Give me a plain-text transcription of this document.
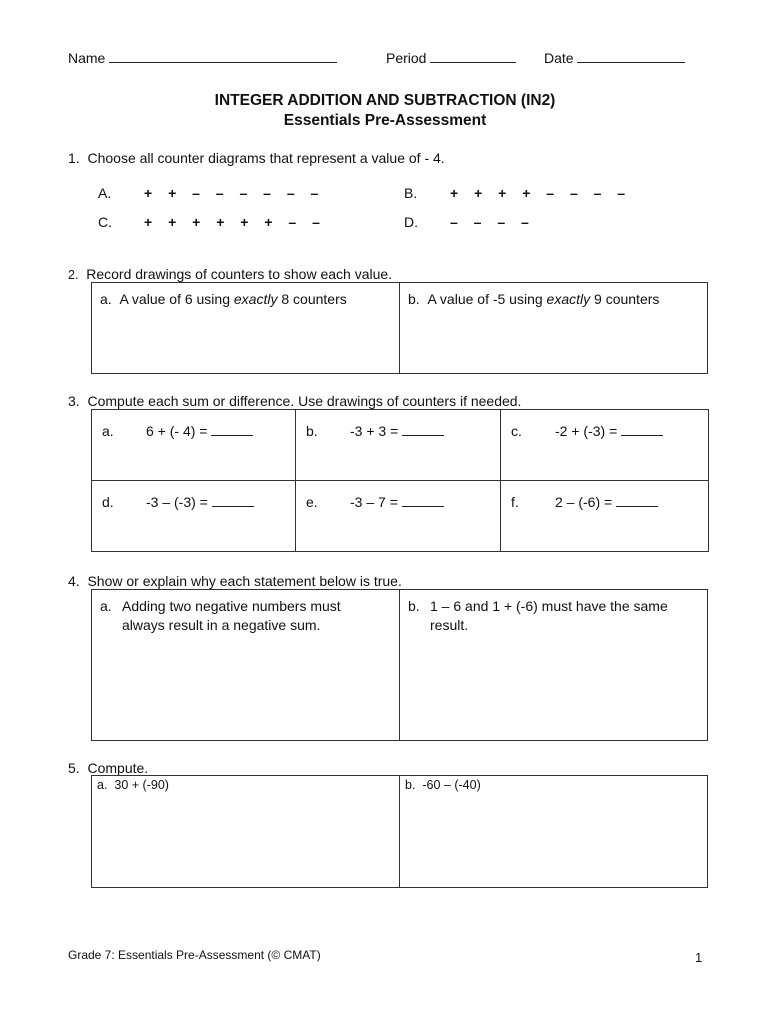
Name	Period	Date
INTEGER ADDITION AND SUBTRACTION (IN2)
Essentials Pre-Assessment
1. Choose all counter diagrams that represent a value of - 4.
A. + + – – – – – –	B. + + + + – – – –
C. + + + + + + – –	D. – – – –
2. Record drawings of counters to show each value.
a. A value of 6 using exactly 8 counters	b. A value of -5 using exactly 9 counters
3. Compute each sum or difference. Use drawings of counters if needed.
a. 6 + (- 4) =	b. -3 + 3 =	c. -2 + (-3) =

d. -3 – (-3) =	e. -3 – 7 =	f. 2 – (-6) =
4. Show or explain why each statement below is true.
a. Adding two negative numbers must
always result in a negative sum.

b. 1 – 6 and 1 + (-6) must have the same
result.
5. Compute.
a. 30 + (-90)	b. -60 – (-40)
Grade 7: Essentials Pre-Assessment (© CMAT)	1
